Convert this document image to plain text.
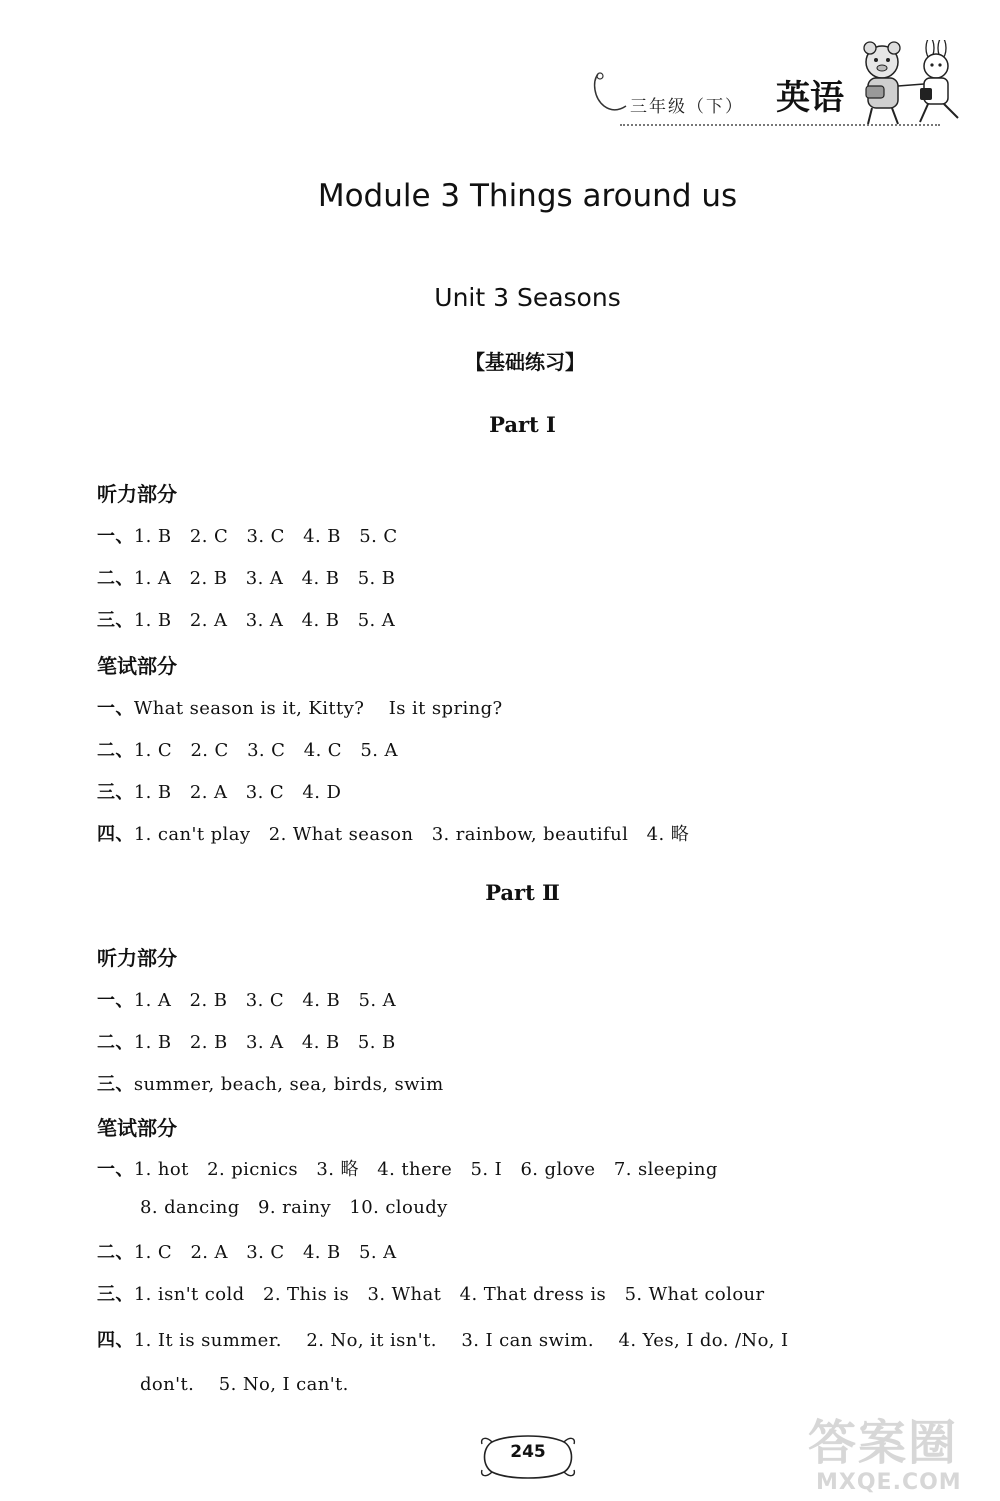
三年级（下） 英语
Module 3 Things around us
Unit 3 Seasons
【基础练习】
Part Ⅰ
听力部分
一、1. B   2. C   3. C   4. B   5. C
二、1. A   2. B   3. A   4. B   5. B
三、1. B   2. A   3. A   4. B   5. A
笔试部分
一、What season is it, Kitty?    Is it spring?
二、1. C   2. C   3. C   4. C   5. A
三、1. B   2. A   3. C   4. D
四、1. can't play   2. What season   3. rainbow, beautiful   4. 略
Part Ⅱ
听力部分
一、1. A   2. B   3. C   4. B   5. A
二、1. B   2. B   3. A   4. B   5. B
三、summer, beach, sea, birds, swim
笔试部分
一、1. hot   2. picnics   3. 略   4. there   5. I   6. glove   7. sleeping
8. dancing   9. rainy   10. cloudy
二、1. C   2. A   3. C   4. B   5. A
三、1. isn't cold   2. This is   3. What   4. That dress is   5. What colour
四、1. It is summer.    2. No, it isn't.    3. I can swim.    4. Yes, I do. /No, I
don't.    5. No, I can't.
245	答案圈
MXQE.COM
